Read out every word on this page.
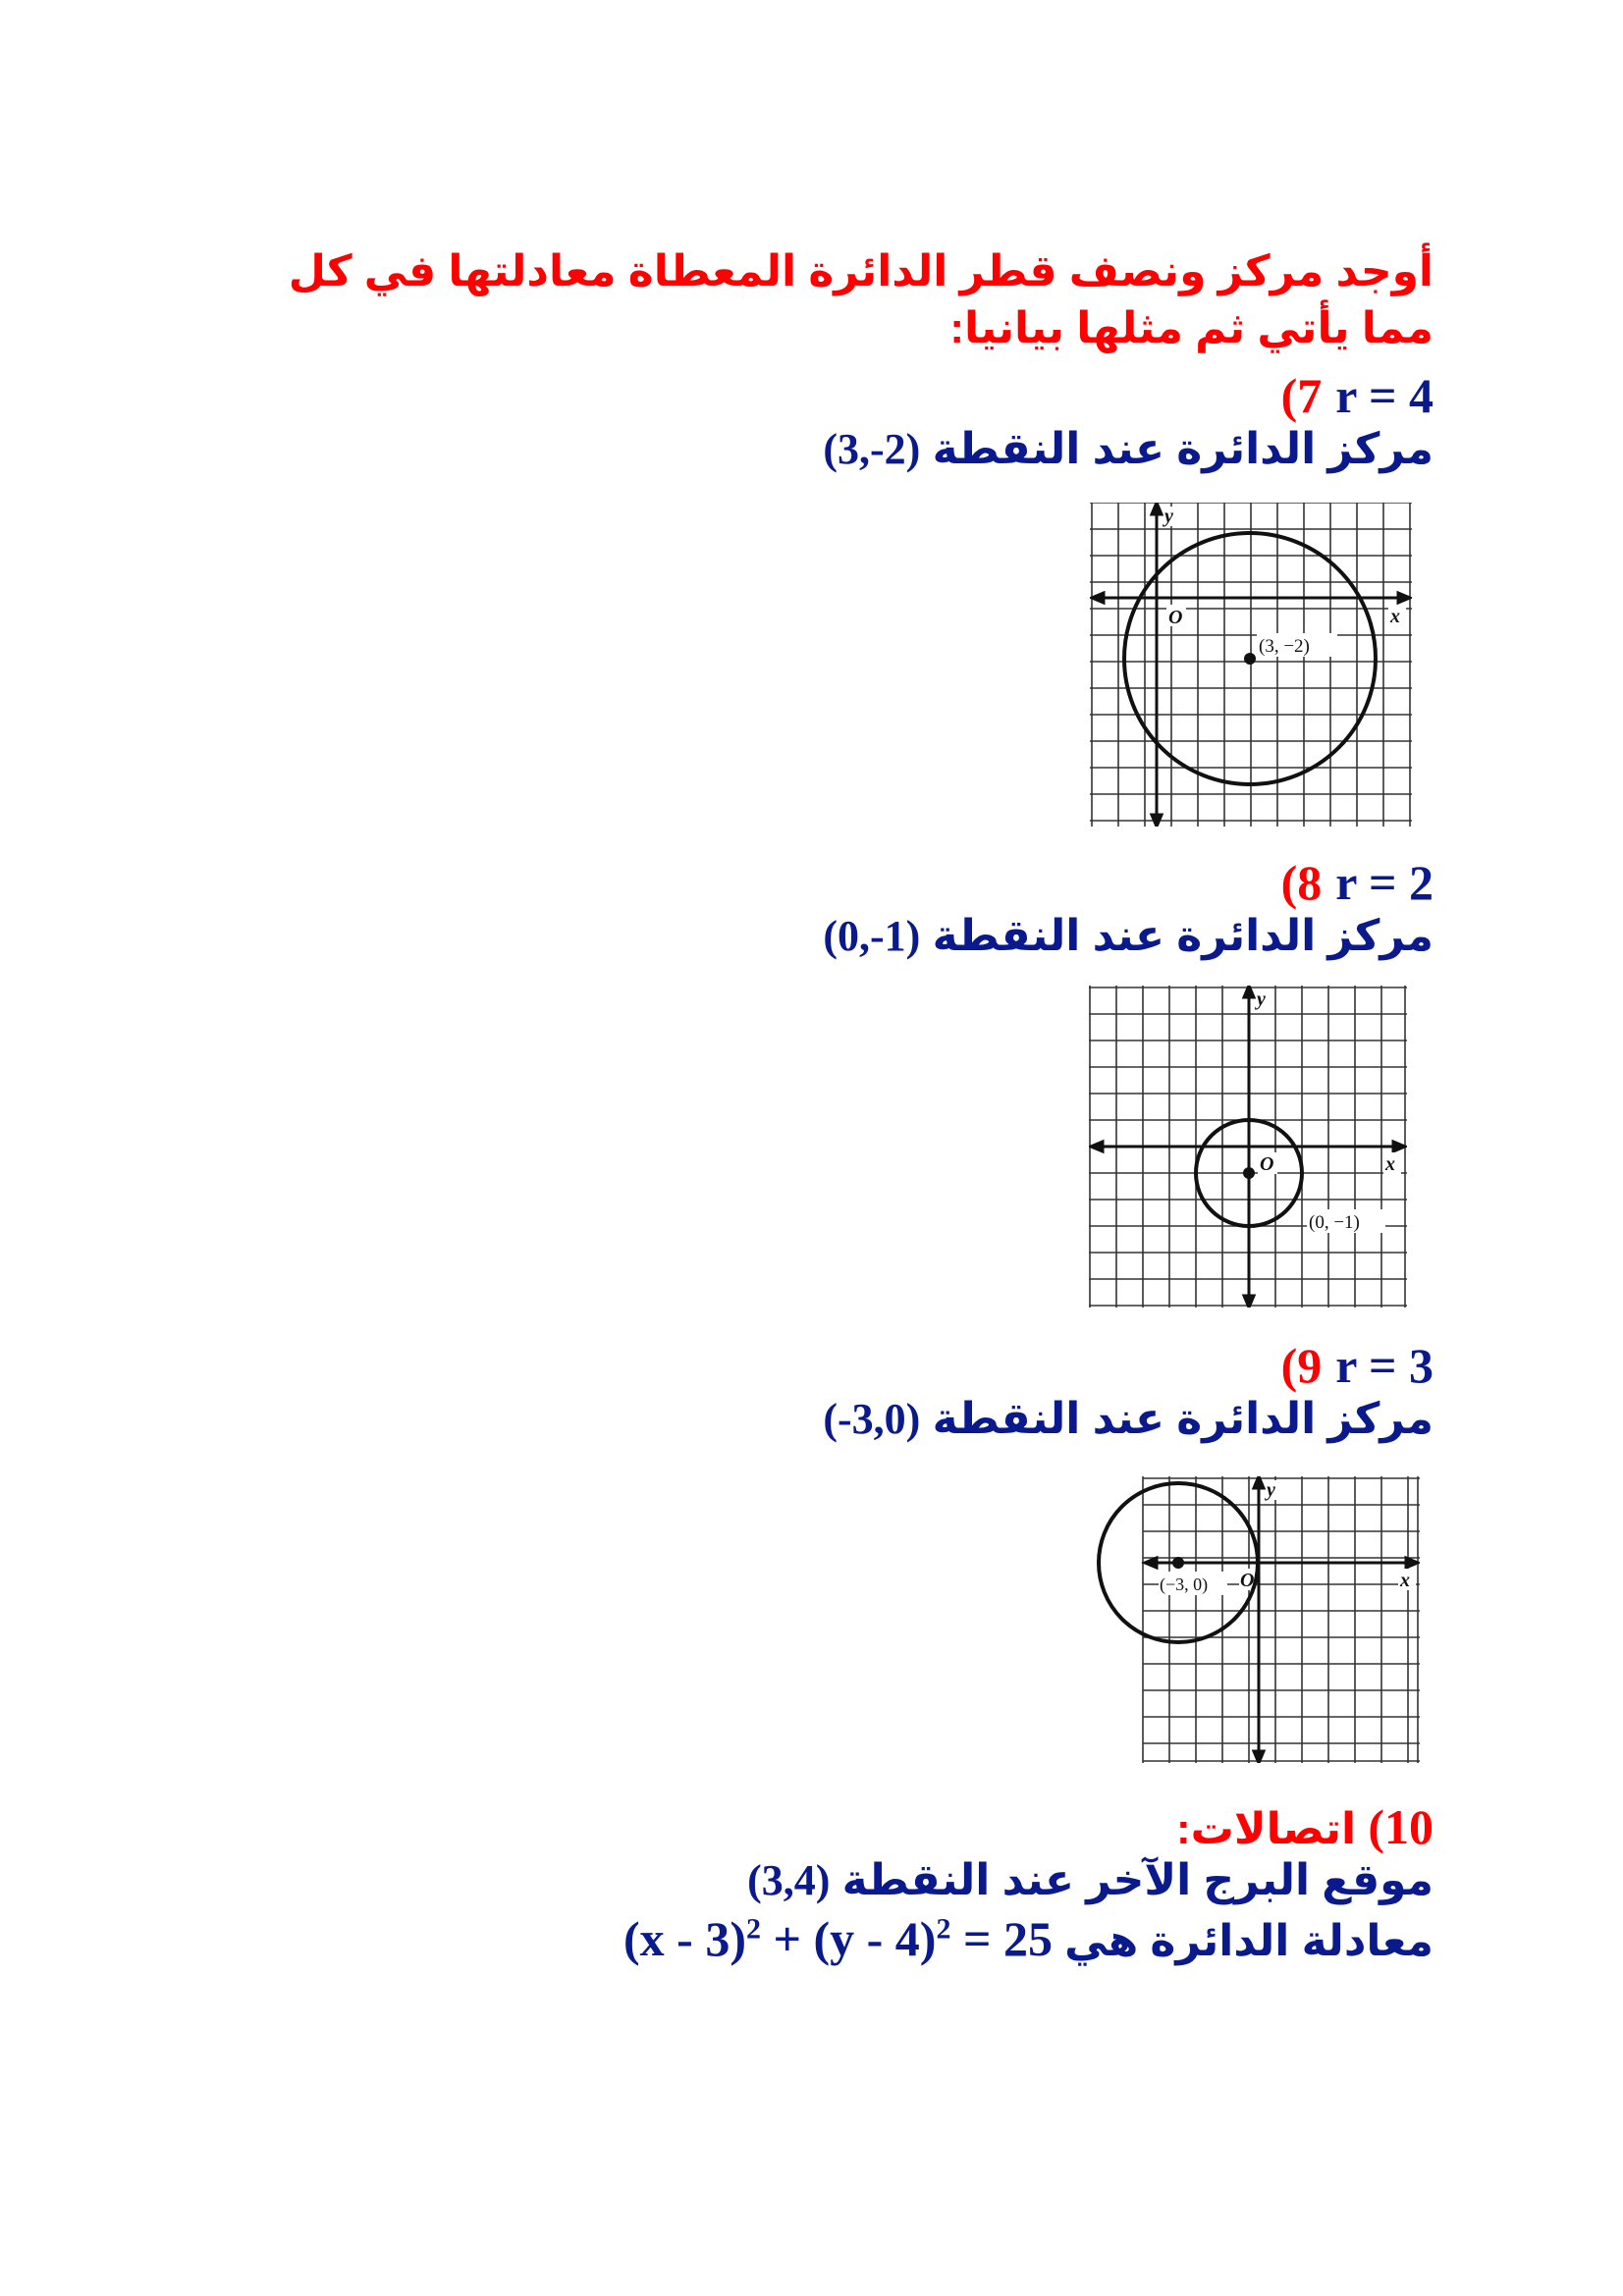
أوجد مركز ونصف قطر الدائرة المعطاة معادلتها في كل مما يأتي ثم مثلها بيانيا:
(7 r = 4
مركز الدائرة عند النقطة (3,-2)
O
y
x
(3, −2)
(8 r = 2
مركز الدائرة عند النقطة (0,-1)
y
O	x
(0, −1)
(9 r = 3
مركز الدائرة عند النقطة (-3,0)
y
O	x
(−3, 0)
10) اتصالات:
موقع البرج الآخر عند النقطة (3,4)
معادلة الدائرة هي (x - 3)$^2$ + (y - 4)$^2$ = 25
